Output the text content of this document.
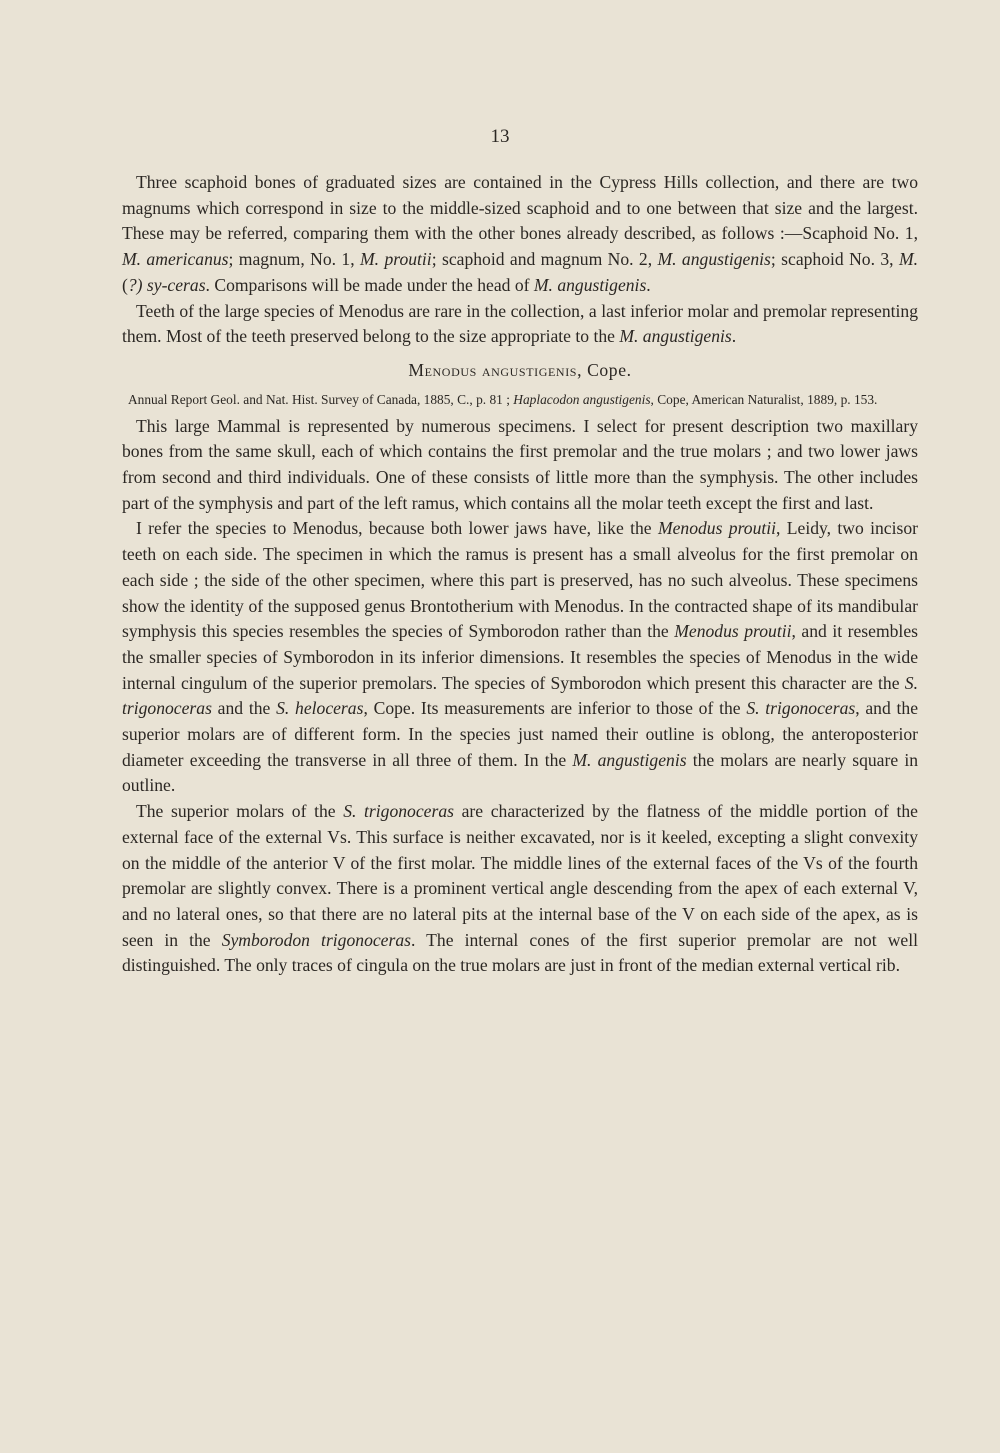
13

Three scaphoid bones of graduated sizes are contained in the Cypress Hills collection, and there are two magnums which correspond in size to the middle-sized scaphoid and to one between that size and the largest. These may be referred, comparing them with the other bones already described, as follows :—Scaphoid No. 1, M. americanus; magnum, No. 1, M. proutii; scaphoid and magnum No. 2, M. angustigenis; scaphoid No. 3, M. (?) sy-ceras. Comparisons will be made under the head of M. angustigenis.

Teeth of the large species of Menodus are rare in the collection, a last inferior molar and premolar representing them. Most of the teeth preserved belong to the size appropriate to the M. angustigenis.

Menodus angustigenis, Cope.
Annual Report Geol. and Nat. Hist. Survey of Canada, 1885, C., p. 81 ; Haplacodon angustigenis, Cope, American Naturalist, 1889, p. 153.

This large Mammal is represented by numerous specimens. I select for present description two maxillary bones from the same skull, each of which contains the first premolar and the true molars ; and two lower jaws from second and third individuals. One of these consists of little more than the symphysis. The other includes part of the symphysis and part of the left ramus, which contains all the molar teeth except the first and last.

I refer the species to Menodus, because both lower jaws have, like the Menodus proutii, Leidy, two incisor teeth on each side. The specimen in which the ramus is present has a small alveolus for the first premolar on each side ; the side of the other specimen, where this part is preserved, has no such alveolus. These specimens show the identity of the supposed genus Brontotherium with Menodus. In the contracted shape of its mandibular symphysis this species resembles the species of Symborodon rather than the Menodus proutii, and it resembles the smaller species of Symborodon in its inferior dimensions. It resembles the species of Menodus in the wide internal cingulum of the superior premolars. The species of Symborodon which present this character are the S. trigonoceras and the S. heloceras, Cope. Its measurements are inferior to those of the S. trigonoceras, and the superior molars are of different form. In the species just named their outline is oblong, the anteroposterior diameter exceeding the transverse in all three of them. In the M. angustigenis the molars are nearly square in outline.

The superior molars of the S. trigonoceras are characterized by the flatness of the middle portion of the external face of the external Vs. This surface is neither excavated, nor is it keeled, excepting a slight convexity on the middle of the anterior V of the first molar. The middle lines of the external faces of the Vs of the fourth premolar are slightly convex. There is a prominent vertical angle descending from the apex of each external V, and no lateral ones, so that there are no lateral pits at the internal base of the V on each side of the apex, as is seen in the Symborodon trigonoceras. The internal cones of the first superior premolar are not well distinguished. The only traces of cingula on the true molars are just in front of the median external vertical rib.
